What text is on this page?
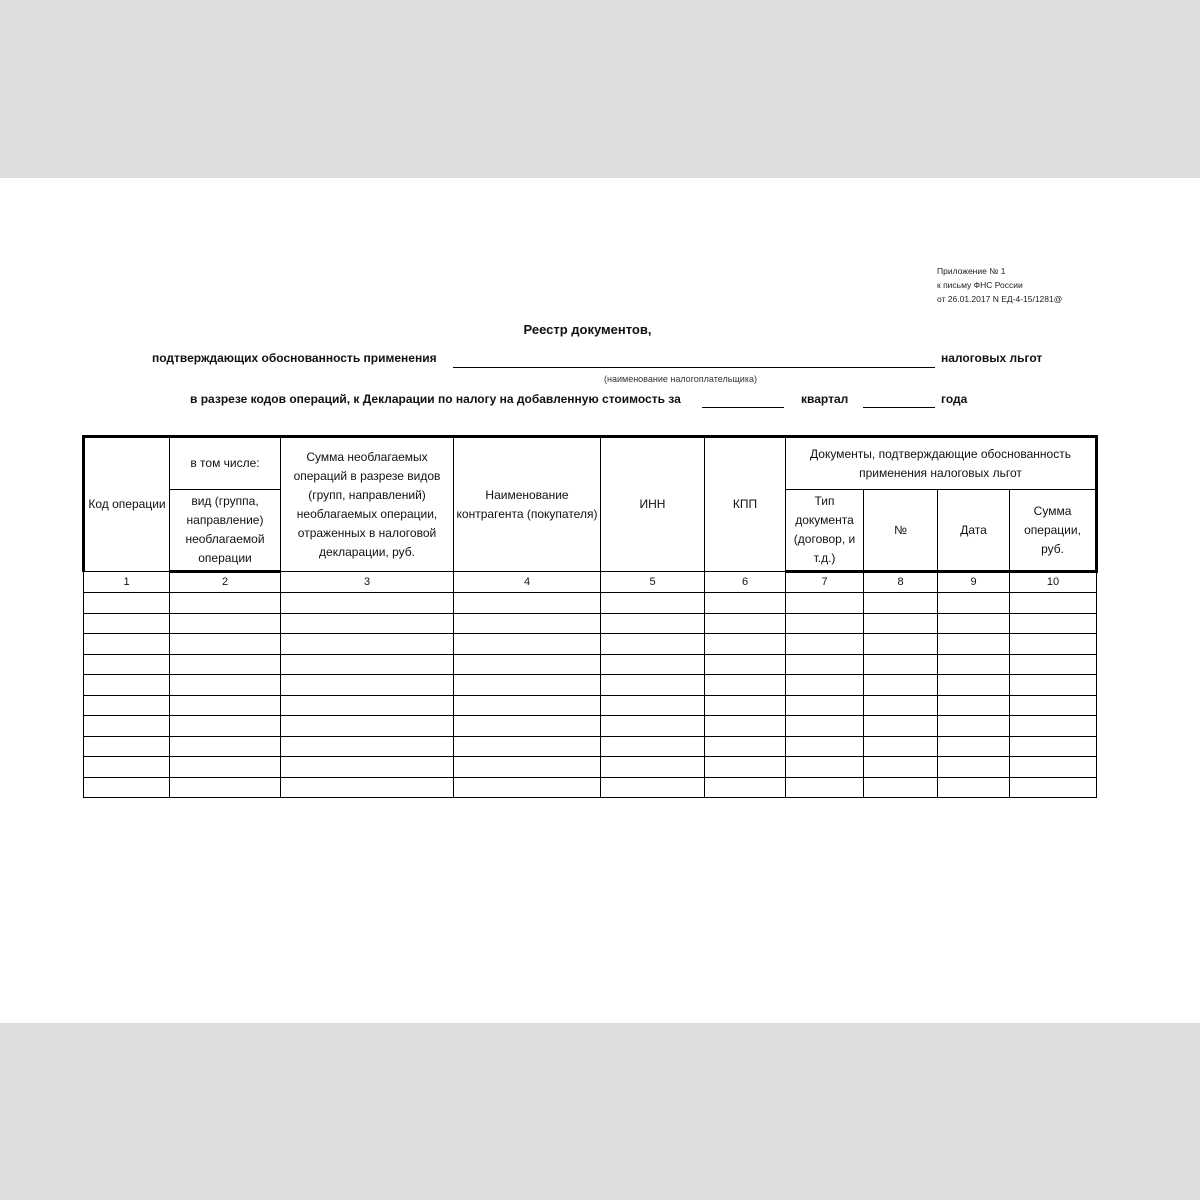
Приложение № 1
к письму ФНС России
от 26.01.2017 N ЕД-4-15/1281@
Реестр документов,
подтверждающих обоснованность применения	налоговых льгот
(наименование налогоплательщика)
в разрезе кодов операций, к Декларации по налогу на добавленную стоимость за	квартал	года
Код операции	в том числе:	Сумма необлагаемых операций в разрезе видов (групп, направлений) необлагаемых операции, отраженных в налоговой декларации, руб.	Наименование контрагента (покупателя)	ИНН	КПП	Документы, подтверждающие обоснованность применения налоговых льгот			
	вид (группа, направление) необлагаемой операции					Тип документа (договор, и т.д.)	№	Дата	Сумма операции, руб.
1	2	3	4	5	6	7	8	9	10
